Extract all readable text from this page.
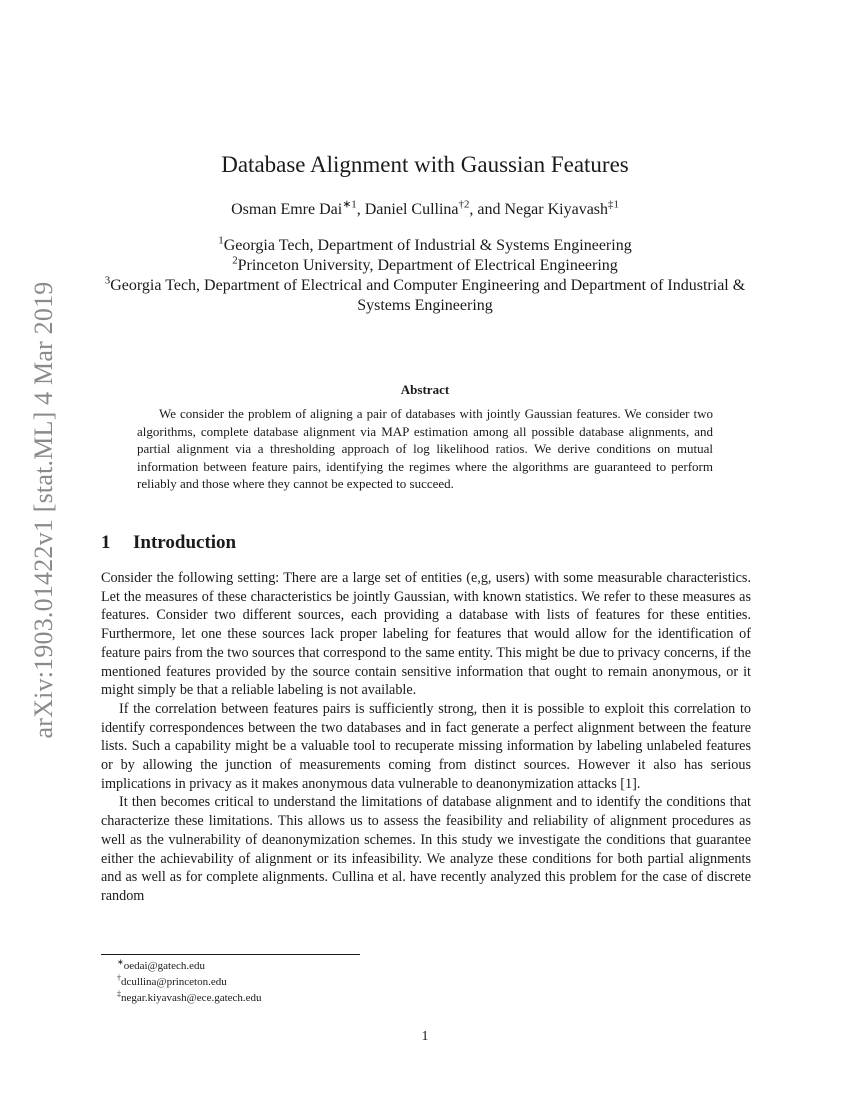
arXiv:1903.01422v1 [stat.ML] 4 Mar 2019
Database Alignment with Gaussian Features
Osman Emre Dai$^{∗1}$, Daniel Cullina$^{\dagger 2}$, and Negar Kiyavash$^{\ddagger 1}$
$^1$Georgia Tech, Department of Industrial & Systems Engineering
$^2$Princeton University, Department of Electrical Engineering
$^3$Georgia Tech, Department of Electrical and Computer Engineering and Department of Industrial & Systems Engineering
Abstract

We consider the problem of aligning a pair of databases with jointly Gaussian features. We consider two algorithms, complete database alignment via MAP estimation among all possible database alignments, and partial alignment via a thresholding approach of log likelihood ratios. We derive conditions on mutual information between feature pairs, identifying the regimes where the algorithms are guaranteed to perform reliably and those where they cannot be expected to succeed.

1 Introduction

Consider the following setting: There are a large set of entities (e,g, users) with some measurable characteristics. Let the measures of these characteristics be jointly Gaussian, with known statistics. We refer to these measures as features. Consider two different sources, each providing a database with lists of features for these entities. Furthermore, let one these sources lack proper labeling for features that would allow for the identification of feature pairs from the two sources that correspond to the same entity. This might be due to privacy concerns, if the mentioned features provided by the source contain sensitive information that ought to remain anonymous, or it might simply be that a reliable labeling is not available.

If the correlation between features pairs is sufficiently strong, then it is possible to exploit this correlation to identify correspondences between the two databases and in fact generate a perfect alignment between the feature lists. Such a capability might be a valuable tool to recuperate missing information by labeling unlabeled features or by allowing the junction of measurements coming from distinct sources. However it also has serious implications in privacy as it makes anonymous data vulnerable to deanonymization attacks [1].

It then becomes critical to understand the limitations of database alignment and to identify the conditions that characterize these limitations. This allows us to assess the feasibility and reliability of alignment procedures as well as the vulnerability of deanonymization schemes. In this study we investigate the conditions that guarantee either the achievability of alignment or its infeasibility. We analyze these conditions for both partial alignments and as well as for complete alignments. Cullina et al. have recently analyzed this problem for the case of discrete random

∗oedai@gatech.edu
†dcullina@princeton.edu
‡negar.kiyavash@ece.gatech.edu
1
